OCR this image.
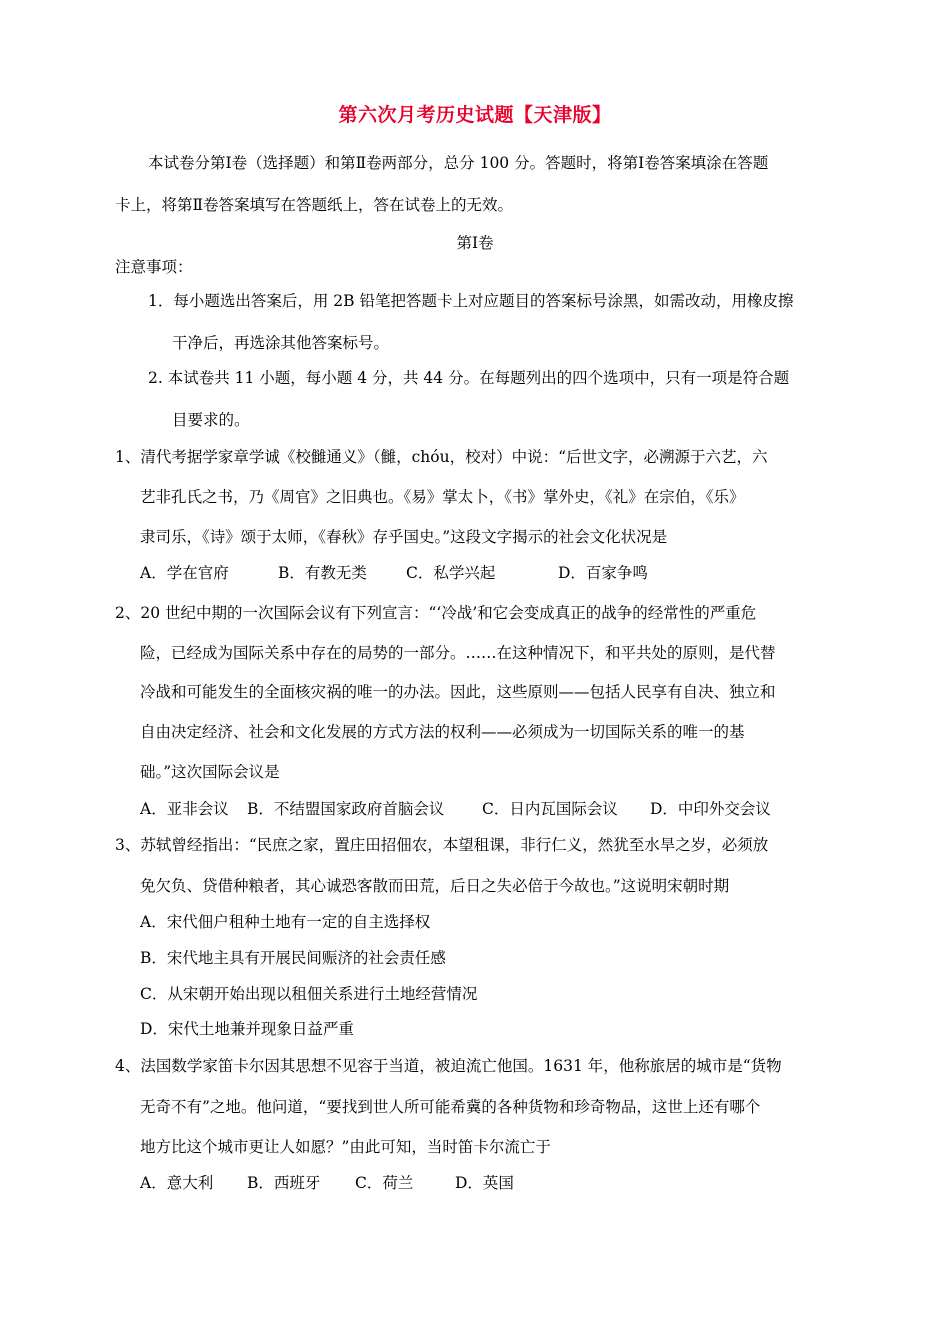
第六次月考历史试题【天津版】
本试卷分第Ⅰ卷（选择题）和第Ⅱ卷两部分，总分 100 分。答题时，将第Ⅰ卷答案填涂在答题
卡上，将第Ⅱ卷答案填写在答题纸上，答在试卷上的无效。
第Ⅰ卷
注意事项：
1．每小题选出答案后，用 2B 铅笔把答题卡上对应题目的答案标号涂黑，如需改动，用橡皮擦
干净后，再选涂其他答案标号。
2. 本试卷共 11 小题，每小题 4 分，共 44 分。在每题列出的四个选项中，只有一项是符合题
目要求的。
1、清代考据学家章学诚《校雠通义》（雠，chóu，校对）中说：“后世文字，必溯源于六艺，六
艺非孔氏之书，乃《周官》之旧典也。《易》掌太卜，《书》掌外史，《礼》在宗伯，《乐》
隶司乐，《诗》颂于太师，《春秋》存乎国史。”这段文字揭示的社会文化状况是
A．学在官府	B．有教无类	C．私学兴起	D．百家争鸣
2、20 世纪中期的一次国际会议有下列宣言：“‘冷战’和它会变成真正的战争的经常性的严重危
险，已经成为国际关系中存在的局势的一部分。……在这种情况下，和平共处的原则，是代替
冷战和可能发生的全面核灾祸的唯一的办法。因此，这些原则——包括人民享有自决、独立和
自由决定经济、社会和文化发展的方式方法的权利——必须成为一切国际关系的唯一的基
础。”这次国际会议是
A．亚非会议 B．不结盟国家政府首脑会议 C．日内瓦国际会议 D．中印外交会议
3、苏轼曾经指出：“民庶之家，置庄田招佃农，本望租课，非行仁义，然犹至水旱之岁，必须放
免欠负、贷借种粮者，其心诚恐客散而田荒，后日之失必倍于今故也。”这说明宋朝时期
A．宋代佃户租种土地有一定的自主选择权
B．宋代地主具有开展民间赈济的社会责任感
C．从宋朝开始出现以租佃关系进行土地经营情况
D．宋代土地兼并现象日益严重
4、法国数学家笛卡尔因其思想不见容于当道，被迫流亡他国。1631 年，他称旅居的城市是“货物
无奇不有”之地。他问道，“要找到世人所可能希冀的各种货物和珍奇物品，这世上还有哪个
地方比这个城市更让人如愿？”由此可知，当时笛卡尔流亡于
A．意大利 B．西班牙 C．荷兰	D．英国
